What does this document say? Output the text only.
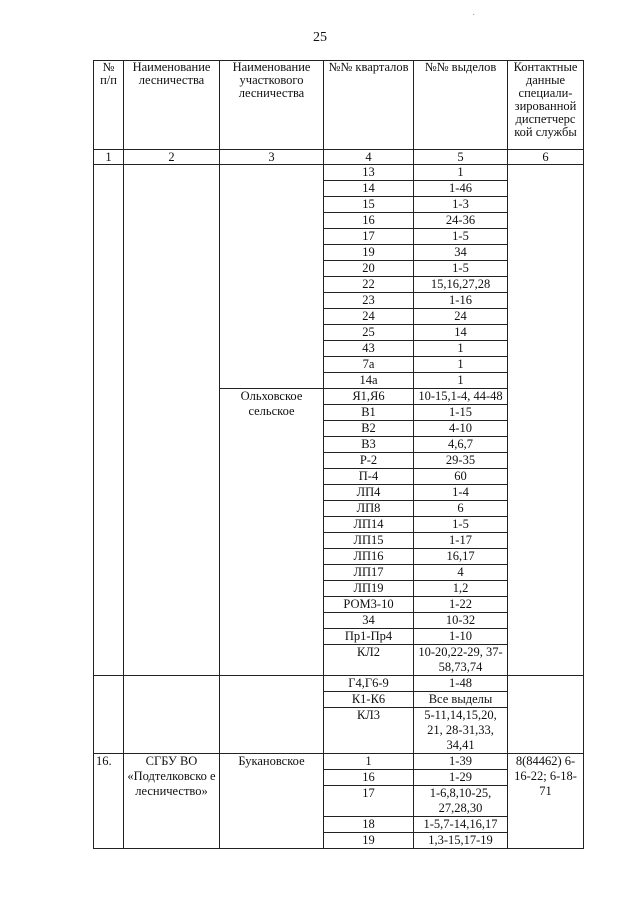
25
№
п/п	Наименование лесничества	Наименование участкового лесничества	№№ кварталов	№№ выделов	Контактные данные специали-зированной диспетчерс кой службы
1	2	3	4	5	6
			13	1	
			14	1-46	
			15	1-3	
			16	24-36	
			17	1-5	
			19	34	
			20	1-5	
			22	15,16,27,28	
			23	1-16	
			24	24	
			25	14	
			43	1	
			7а	1	
			14а	1	
		Ольховское сельское	Я1,Я6	10-15,1-4, 44-48	
			В1	1-15	
			В2	4-10	
			В3	4,6,7	
			Р-2	29-35	
			П-4	60	
			ЛП4	1-4	
			ЛП8	6	
			ЛП14	1-5	
			ЛП15	1-17	
			ЛП16	16,17	
			ЛП17	4	
			ЛП19	1,2	
			РОМ3-10	1-22	
			34	10-32	
			Пр1-Пр4	1-10	
			КЛ2	10-20,22-29, 37-58,73,74	
			Г4,Г6-9	1-48	
			К1-К6	Все выделы	
			КЛ3	5-11,14,15,20, 21, 28-31,33, 34,41	
16.	СГБУ ВО «Подтелковско е лесничество»	Букановское	1	1-39	8(84462) 6-16-22; 6-18-71
			16	1-29	
			17	1-6,8,10-25, 27,28,30	
			18	1-5,7-14,16,17	
			19	1,3-15,17-19	
·
